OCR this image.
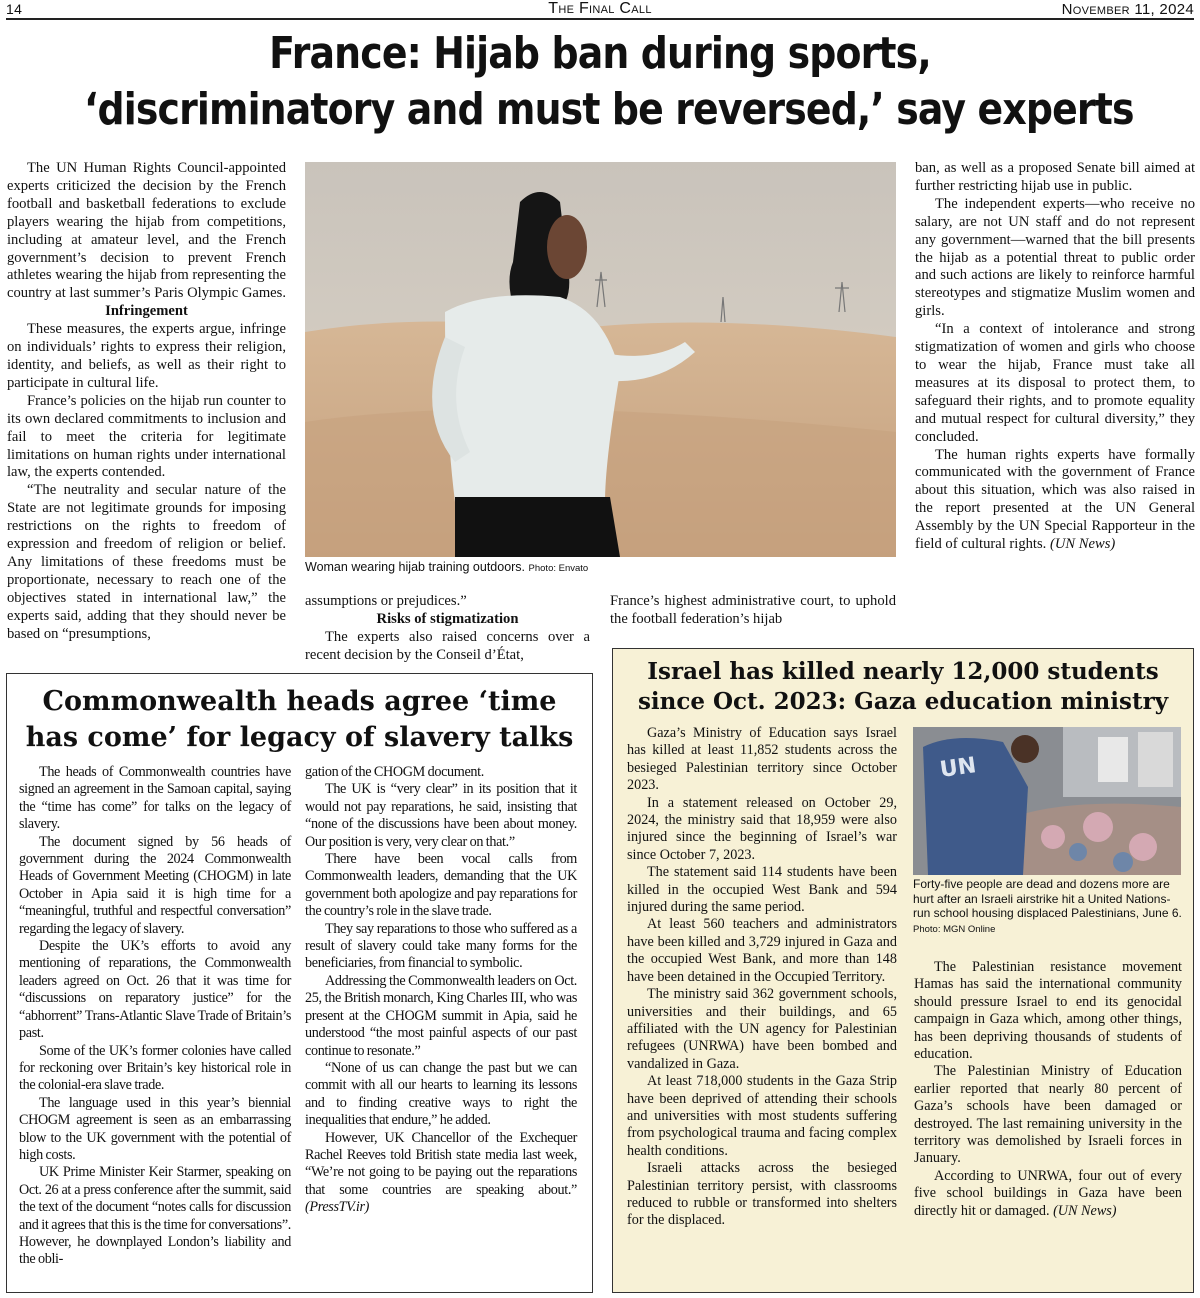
14	The Final Call	November 11, 2024
France: Hijab ban during sports,
‘discriminatory and must be reversed,’ say experts

The UN Human Rights Council-appointed experts criticized the decision by the French football and basketball federations to exclude players wearing the hijab from competitions, including at amateur level, and the French government’s decision to prevent French athletes wearing the hijab from representing the country at last summer’s Paris Olympic Games.

Infringement

These measures, the experts argue, infringe on individuals’ rights to express their religion, identity, and beliefs, as well as their right to participate in cultural life.

France’s policies on the hijab run counter to its own declared commitments to inclusion and fail to meet the criteria for legitimate limitations on human rights under international law, the experts contended.

“The neutrality and secular nature of the State are not legitimate grounds for imposing restrictions on the rights to freedom of expression and freedom of religion or belief. Any limitations of these freedoms must be proportionate, necessary to reach one of the objectives stated in international law,” the experts said, adding that they should never be based on “presumptions,

Woman wearing hijab training outdoors. Photo: Envato

assumptions or prejudices.”

Risks of stigmatization

The experts also raised concerns over a recent decision by the Conseil d’État,

France’s highest administrative court, to uphold the football federation’s hijab

ban, as well as a proposed Senate bill aimed at further restricting hijab use in public.

The independent experts—who receive no salary, are not UN staff and do not represent any government—warned that the bill presents the hijab as a potential threat to public order and such actions are likely to reinforce harmful stereotypes and stigmatize Muslim women and girls.

“In a context of intolerance and strong stigmatization of women and girls who choose to wear the hijab, France must take all measures at its disposal to protect them, to safeguard their rights, and to promote equality and mutual respect for cultural diversity,” they concluded.

The human rights experts have formally communicated with the government of France about this situation, which was also raised in the report presented at the UN General Assembly by the UN Special Rapporteur in the field of cultural rights. (UN News)

Commonwealth heads agree ‘time
has come’ for legacy of slavery talks

The heads of Commonwealth countries have signed an agreement in the Samoan capital, saying the “time has come” for talks on the legacy of slavery.

The document signed by 56 heads of government during the 2024 Commonwealth Heads of Government Meeting (CHOGM) in late October in Apia said it is high time for a “meaningful, truthful and respectful conversation” regarding the legacy of slavery.

Despite the UK’s efforts to avoid any mentioning of reparations, the Commonwealth leaders agreed on Oct. 26 that it was time for “discussions on reparatory justice” for the “abhorrent” Trans-Atlantic Slave Trade of Britain’s past.

Some of the UK’s former colonies have called for reckoning over Britain’s key historical role in the colonial-era slave trade.

The language used in this year’s biennial CHOGM agreement is seen as an embarrassing blow to the UK government with the potential of high costs.

UK Prime Minister Keir Starmer, speaking on Oct. 26 at a press conference after the summit, said the text of the document “notes calls for discussion and it agrees that this is the time for conversations”. However, he downplayed London’s liability and the obli-

gation of the CHOGM document.

The UK is “very clear” in its position that it would not pay reparations, he said, insisting that “none of the discussions have been about money. Our position is very, very clear on that.”

There have been vocal calls from Commonwealth leaders, demanding that the UK government both apologize and pay reparations for the country’s role in the slave trade.

They say reparations to those who suffered as a result of slavery could take many forms for the beneficiaries, from financial to symbolic.

Addressing the Commonwealth leaders on Oct. 25, the British monarch, King Charles III, who was present at the CHOGM summit in Apia, said he understood “the most painful aspects of our past continue to resonate.”

“None of us can change the past but we can commit with all our hearts to learning its lessons and to finding creative ways to right the inequalities that endure,” he added.

However, UK Chancellor of the Exchequer Rachel Reeves told British state media last week, “We’re not going to be paying out the reparations that some countries are speaking about.” (PressTV.ir)

Israel has killed nearly 12,000 students
since Oct. 2023: Gaza education ministry

Gaza’s Ministry of Education says Israel has killed at least 11,852 students across the besieged Palestinian territory since October 2023.

In a statement released on October 29, 2024, the ministry said that 18,959 were also injured since the beginning of Israel’s war since October 7, 2023.

The statement said 114 students have been killed in the occupied West Bank and 594 injured during the same period.

At least 560 teachers and administrators have been killed and 3,729 injured in Gaza and the occupied West Bank, and more than 148 have been detained in the Occupied Territory.

The ministry said 362 government schools, universities and their buildings, and 65 affiliated with the UN agency for Palestinian refugees (UNRWA) have been bombed and vandalized in Gaza.

At least 718,000 students in the Gaza Strip have been deprived of attending their schools and universities with most students suffering from psychological trauma and facing complex health conditions.

Israeli attacks across the besieged Palestinian territory persist, with classrooms reduced to rubble or transformed into shelters for the displaced.

The Palestinian resistance movement Hamas has said the international community should pressure Israel to end its genocidal campaign in Gaza which, among other things, has been depriving thousands of students of education.

The Palestinian Ministry of Education earlier reported that nearly 80 percent of Gaza’s schools have been damaged or destroyed. The last remaining university in the territory was demolished by Israeli forces in January.

According to UNRWA, four out of every five school buildings in Gaza have been directly hit or damaged. (UN News)

UN
Forty-five people are dead and dozens more are hurt after an Israeli airstrike hit a United Nations-run school housing displaced Palestinians, June 6. Photo: MGN Online
